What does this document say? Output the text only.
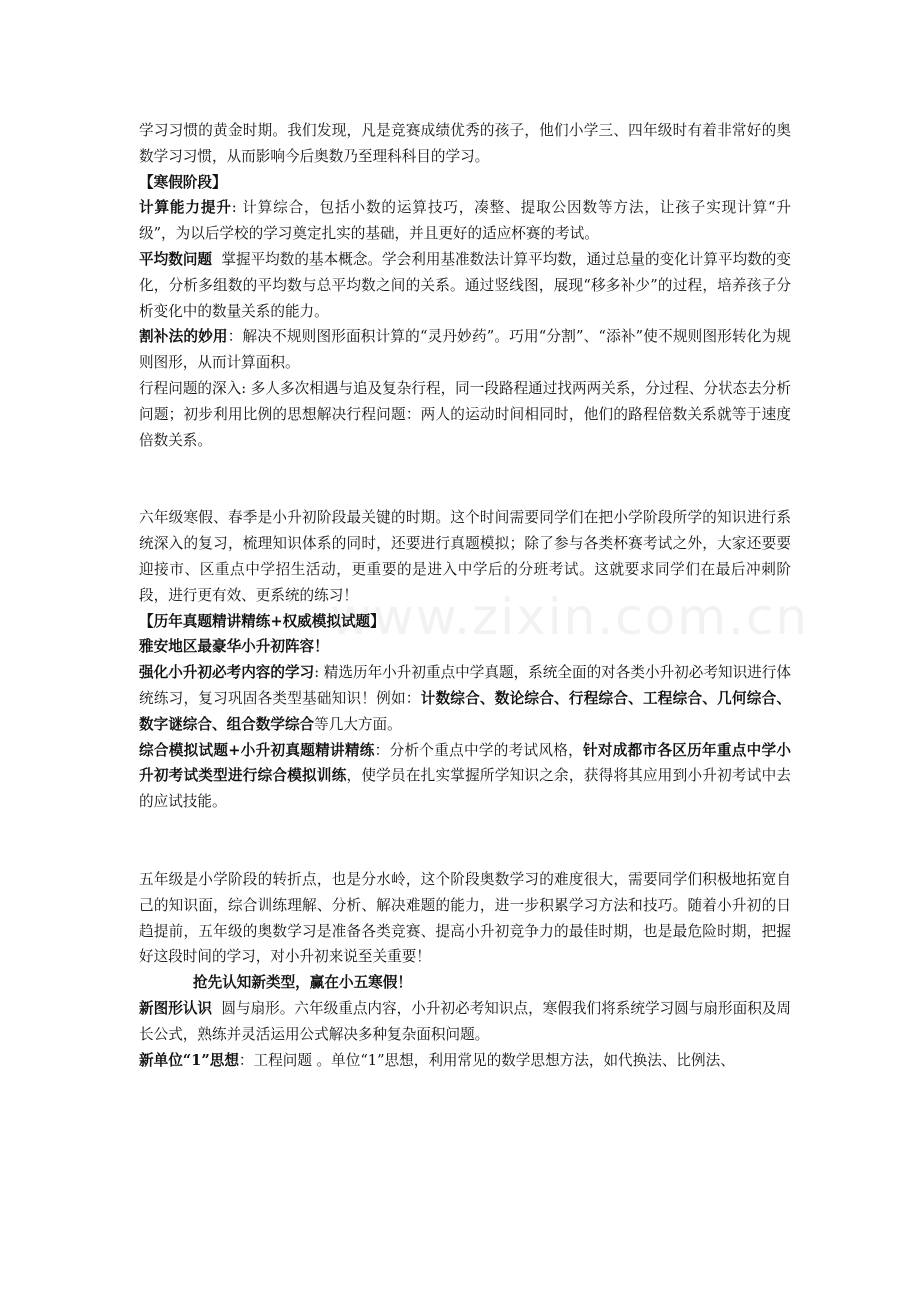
www.zixin.com.cn

学习习惯的黄金时期。我们发现，凡是竞赛成绩优秀的孩子，他们小学三、四年级时有着非常好的奥数学习习惯，从而影响今后奥数乃至理科科目的学习。

【寒假阶段】

计算能力提升: 计算综合，包括小数的运算技巧，凑整、提取公因数等方法，让孩子实现计算“升级”，为以后学校的学习奠定扎实的基础，并且更好的适应杯赛的考试。

平均数问题 掌握平均数的基本概念。学会利用基准数法计算平均数，通过总量的变化计算平均数的变化，分析多组数的平均数与总平均数之间的关系。通过竖线图，展现“移多补少”的过程，培养孩子分析变化中的数量关系的能力。

割补法的妙用：解决不规则图形面积计算的“灵丹妙药”。巧用“分割”、“添补”使不规则图形转化为规则图形，从而计算面积。

行程问题的深入: 多人多次相遇与追及复杂行程，同一段路程通过找两两关系，分过程、分状态去分析问题；初步利用比例的思想解决行程问题：两人的运动时间相同时，他们的路程倍数关系就等于速度倍数关系。

六年级寒假、春季是小升初阶段最关键的时期。这个时间需要同学们在把小学阶段所学的知识进行系统深入的复习，梳理知识体系的同时，还要进行真题模拟；除了参与各类杯赛考试之外，大家还要要迎接市、区重点中学招生活动，更重要的是进入中学后的分班考试。这就要求同学们在最后冲刺阶段，进行更有效、更系统的练习！

【历年真题精讲精练+权威模拟试题】

雅安地区最豪华小升初阵容！

强化小升初必考内容的学习: 精选历年小升初重点中学真题，系统全面的对各类小升初必考知识进行体统练习，复习巩固各类型基础知识！例如：计数综合、数论综合、行程综合、工程综合、几何综合、数字谜综合、组合数学综合等几大方面。

综合模拟试题+小升初真题精讲精练：分析个重点中学的考试风格，针对成都市各区历年重点中学小升初考试类型进行综合模拟训练，使学员在扎实掌握所学知识之余，获得将其应用到小升初考试中去的应试技能。

五年级是小学阶段的转折点，也是分水岭，这个阶段奥数学习的难度很大，需要同学们积极地拓宽自己的知识面，综合训练理解、分析、解决难题的能力，进一步积累学习方法和技巧。随着小升初的日趋提前，五年级的奥数学习是准备各类竞赛、提高小升初竞争力的最佳时期，也是最危险时期，把握好这段时间的学习，对小升初来说至关重要！

抢先认知新类型，赢在小五寒假！

新图形认识 圆与扇形。六年级重点内容，小升初必考知识点，寒假我们将系统学习圆与扇形面积及周长公式，熟练并灵活运用公式解决多种复杂面积问题。

新单位“1”思想：工程问题 。单位“1”思想，利用常见的数学思想方法，如代换法、比例法、
